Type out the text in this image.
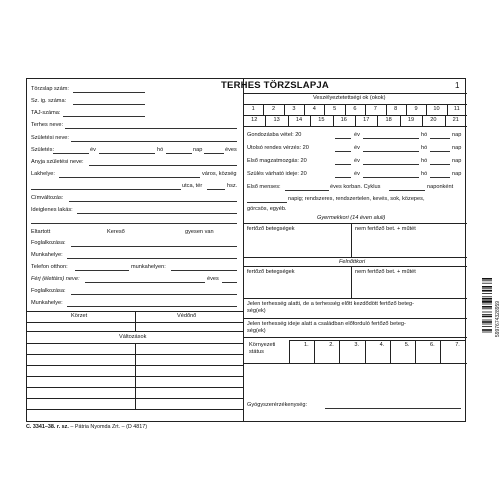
Törzslap szám:
Sz. ig. száma:
TAJ-száma:
Terhes neve:
Születési neve:
Születés:	év	hó	nap	éves
Anyja születési neve:
Lakhelye:	város, község
utca, tér	hsz.
Címváltozás:
Ideiglenes lakás:
Eltartott	Kereső	gyesen van
Foglalkozása:
Munkahelye:
Telefon otthon:	munkahelyen:
Férj (élettárs) neve:	éves
Foglalkozása:
Munkahelye:
Körzet	Védőnő
Változások
TERHES TÖRZSLAPJA	1
Veszélyeztetettségi ok (okok)
1	2	3	4	5	6	7	8	9	10	11
12	13	14	15	16	17	18	19	20	21
Első menses:	éves korban. Cyklus	naponként
napig; rendszeres, rendszertelen, kevés, sok, közepes,
görcsös, egyéb.
Gyermekkori (14 éven aluli)
fertőző betegségek	nem fertőző bet. + műtét
Felnőttkori
fertőző betegségek	nem fertőző bet. + műtét
Jelen terhesség alatti, de a terhesség előtt kezdődött fertőző beteg-
ség(ek)
Jelen terhesség ideje alatt a családban előforduló fertőző beteg-
ség(ek)
Környezeti
státus
Gyógyszerérzékenység:
Gondozásba vétel: 20	év	hó	nap
Utolsó rendes vérzés: 20	év	hó	nap
Első magzatmozgás: 20	év	hó	nap
Szülés várható ideje: 20	év	hó	nap
1.	2.	3.	4.	5.	6.	7.
5997674328959
C. 3341–38. r. sz. – Pátria Nyomda Zrt. – (D 4817)
